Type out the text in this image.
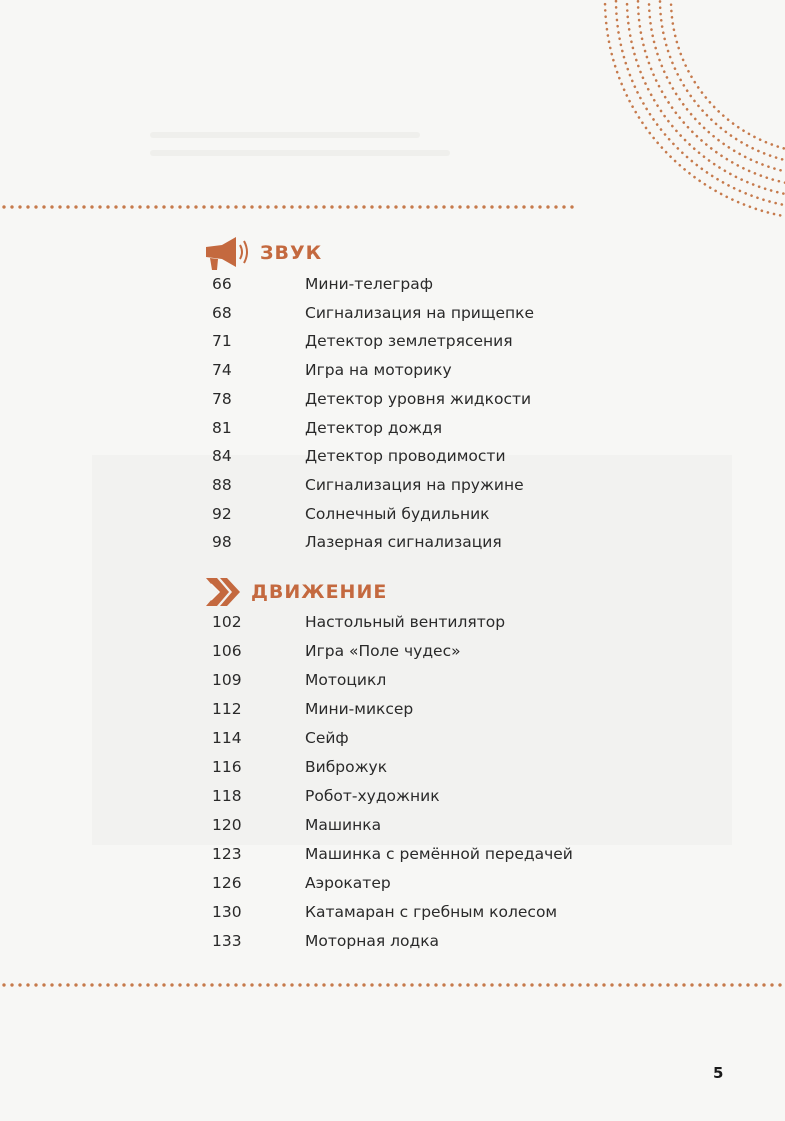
ЗВУК
66	Мини-телеграф
68	Сигнализация на прищепке
71	Детектор землетрясения
74	Игра на моторику
78	Детектор уровня жидкости
81	Детектор дождя
84	Детектор проводимости
88	Сигнализация на пружине
92	Солнечный будильник
98	Лазерная сигнализация
ДВИЖЕНИЕ
102	Настольный вентилятор
106	Игра «Поле чудес»
109	Мотоцикл
112	Мини-миксер
114	Сейф
116	Виброжук
118	Робот-художник
120	Машинка
123	Машинка с ремённой передачей
126	Аэрокатер
130	Катамаран с гребным колесом
133	Моторная лодка
5
